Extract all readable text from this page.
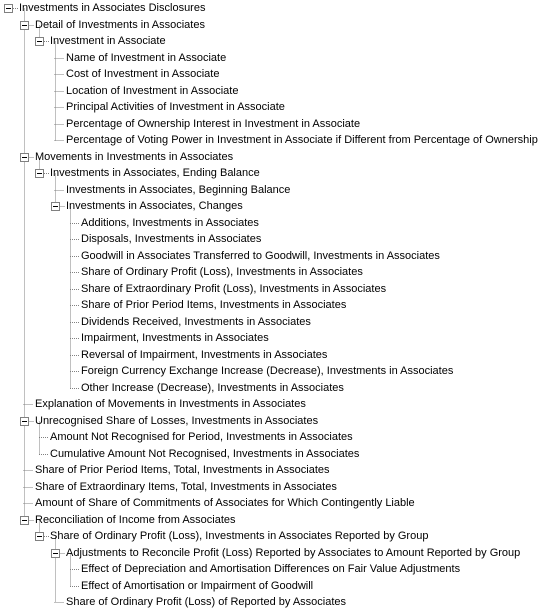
Investments in Associates Disclosures
Detail of Investments in Associates
Investment in Associate
Name of Investment in Associate
Cost of Investment in Associate
Location of Investment in Associate
Principal Activities of Investment in Associate
Percentage of Ownership Interest in Investment in Associate
Percentage of Voting Power in Investment in Associate if Different from Percentage of Ownership
Movements in Investments in Associates
Investments in Associates, Ending Balance
Investments in Associates, Beginning Balance
Investments in Associates, Changes
Additions, Investments in Associates
Disposals, Investments in Associates
Goodwill in Associates Transferred to Goodwill, Investments in Associates
Share of Ordinary Profit (Loss), Investments in Associates
Share of Extraordinary Profit (Loss), Investments in Associates
Share of Prior Period Items, Investments in Associates
Dividends Received, Investments in Associates
Impairment, Investments in Associates
Reversal of Impairment, Investments in Associates
Foreign Currency Exchange Increase (Decrease), Investments in Associates
Other Increase (Decrease), Investments in Associates
Explanation of Movements in Investments in Associates
Unrecognised Share of Losses, Investments in Associates
Amount Not Recognised for Period, Investments in Associates
Cumulative Amount Not Recognised, Investments in Associates
Share of Prior Period Items, Total, Investments in Associates
Share of Extraordinary Items, Total, Investments in Associates
Amount of Share of Commitments of Associates for Which Contingently Liable
Reconciliation of Income from Associates
Share of Ordinary Profit (Loss), Investments in Associates Reported by Group
Adjustments to Reconcile Profit (Loss) Reported by Associates to Amount Reported by Group
Effect of Depreciation and Amortisation Differences on Fair Value Adjustments
Effect of Amortisation or Impairment of Goodwill
Share of Ordinary Profit (Loss) of Reported by Associates
